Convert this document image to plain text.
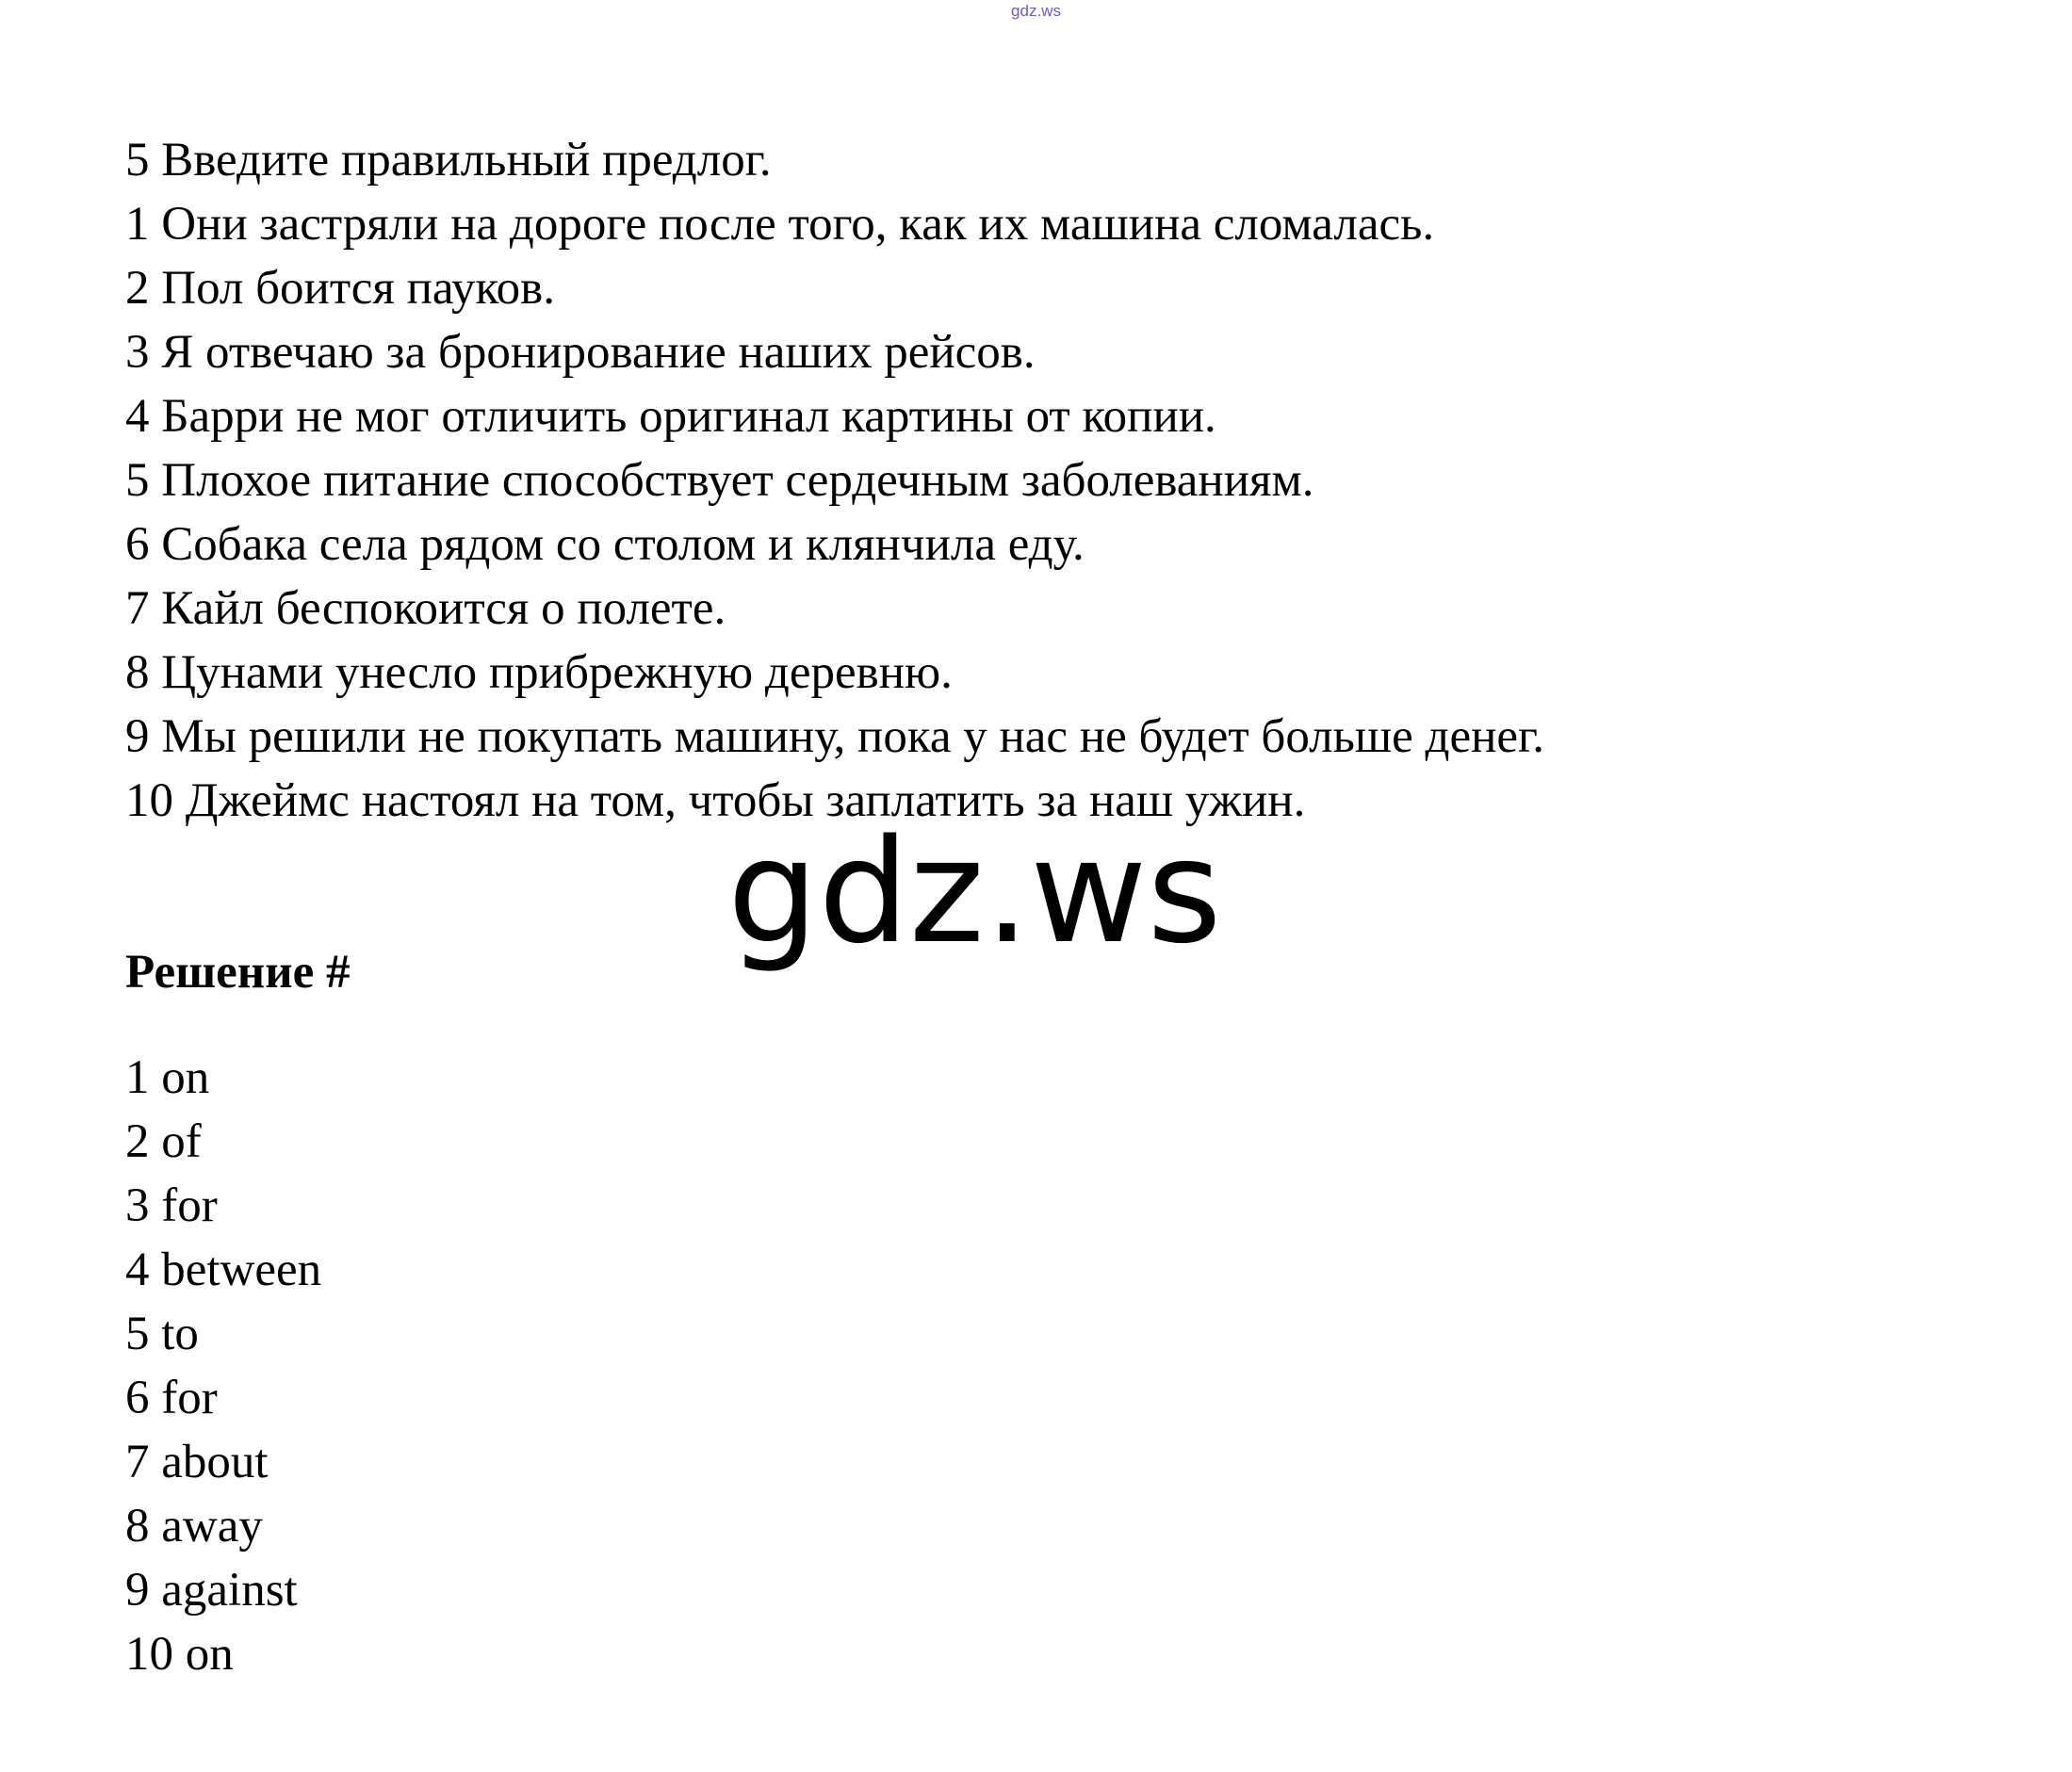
gdz.ws
5 Введите правильный предлог.
1 Они застряли на дороге после того, как их машина сломалась.
2 Пол боится пауков.
3 Я отвечаю за бронирование наших рейсов.
4 Барри не мог отличить оригинал картины от копии.
5 Плохое питание способствует сердечным заболеваниям.
6 Собака села рядом со столом и клянчила еду.
7 Кайл беспокоится о полете.
8 Цунами унесло прибрежную деревню.
9 Мы решили не покупать машину, пока у нас не будет больше денег.
10 Джеймс настоял на том, чтобы заплатить за наш ужин.
gdz.ws
Решение #
1 on
2 of
3 for
4 between
5 to
6 for
7 about
8 away
9 against
10 on
